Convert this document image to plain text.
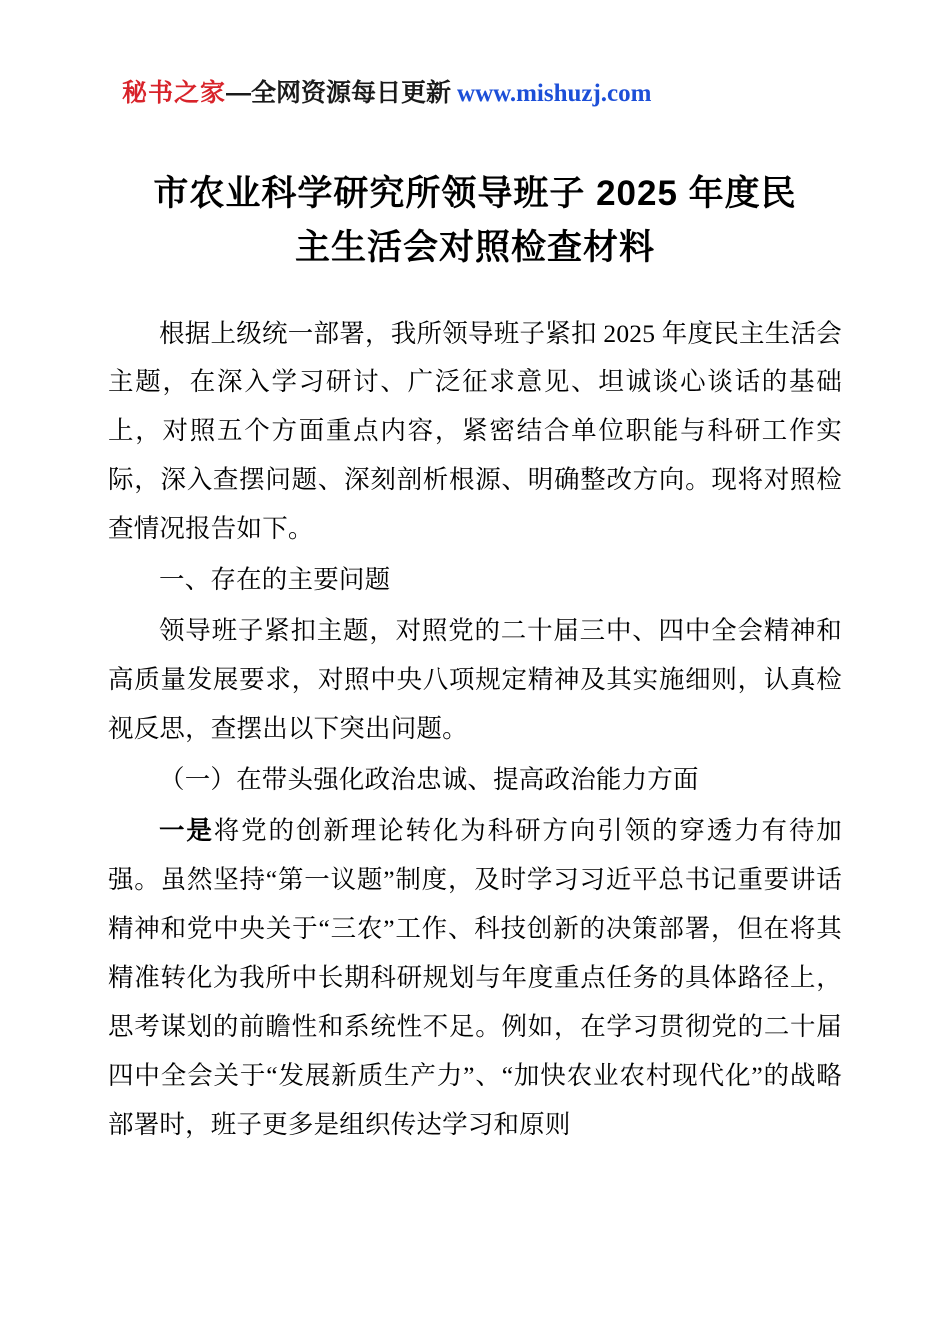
秘书之家 —全网资源每日更新 www.mishuzj.com
市农业科学研究所领导班子 2025 年度民主生活会对照检查材料

根据上级统一部署，我所领导班子紧扣 2025 年度民主生活会主题，在深入学习研讨、广泛征求意见、坦诚谈心谈话的基础上，对照五个方面重点内容，紧密结合单位职能与科研工作实际，深入查摆问题、深刻剖析根源、明确整改方向。现将对照检查情况报告如下。

一、存在的主要问题

领导班子紧扣主题，对照党的二十届三中、四中全会精神和高质量发展要求，对照中央八项规定精神及其实施细则，认真检视反思，查摆出以下突出问题。

（一）在带头强化政治忠诚、提高政治能力方面

一是将党的创新理论转化为科研方向引领的穿透力有待加强。虽然坚持“第一议题”制度，及时学习习近平总书记重要讲话精神和党中央关于“三农”工作、科技创新的决策部署，但在将其精准转化为我所中长期科研规划与年度重点任务的具体路径上，思考谋划的前瞻性和系统性不足。例如，在学习贯彻党的二十届四中全会关于“发展新质生产力”、“加快农业农村现代化”的战略部署时，班子更多是组织传达学习和原则
